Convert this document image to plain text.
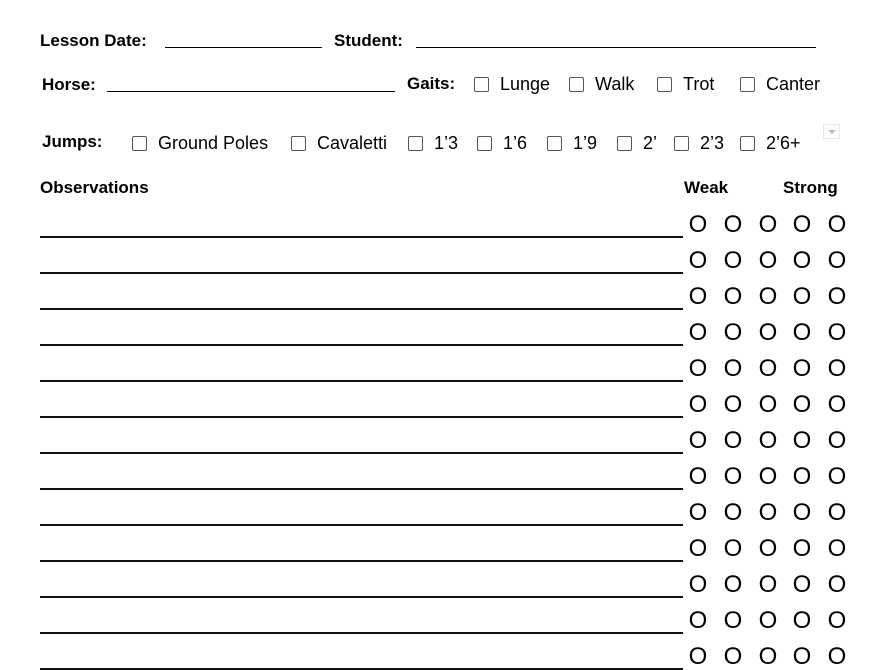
Lesson Date:	Student:
Horse:	Gaits: Lunge Walk	Trot	Canter
Jumps:	Ground Poles	Cavaletti	1’3 1’6	1’9	2’ 2’3 2’6+
Observations	Weak	Strong
O O O O O
O O O O O
O O O O O
O O O O O
O O O O O
O O O O O
O O O O O
O O O O O
O O O O O
O O O O O
O O O O O
O O O O O
O O O O O
